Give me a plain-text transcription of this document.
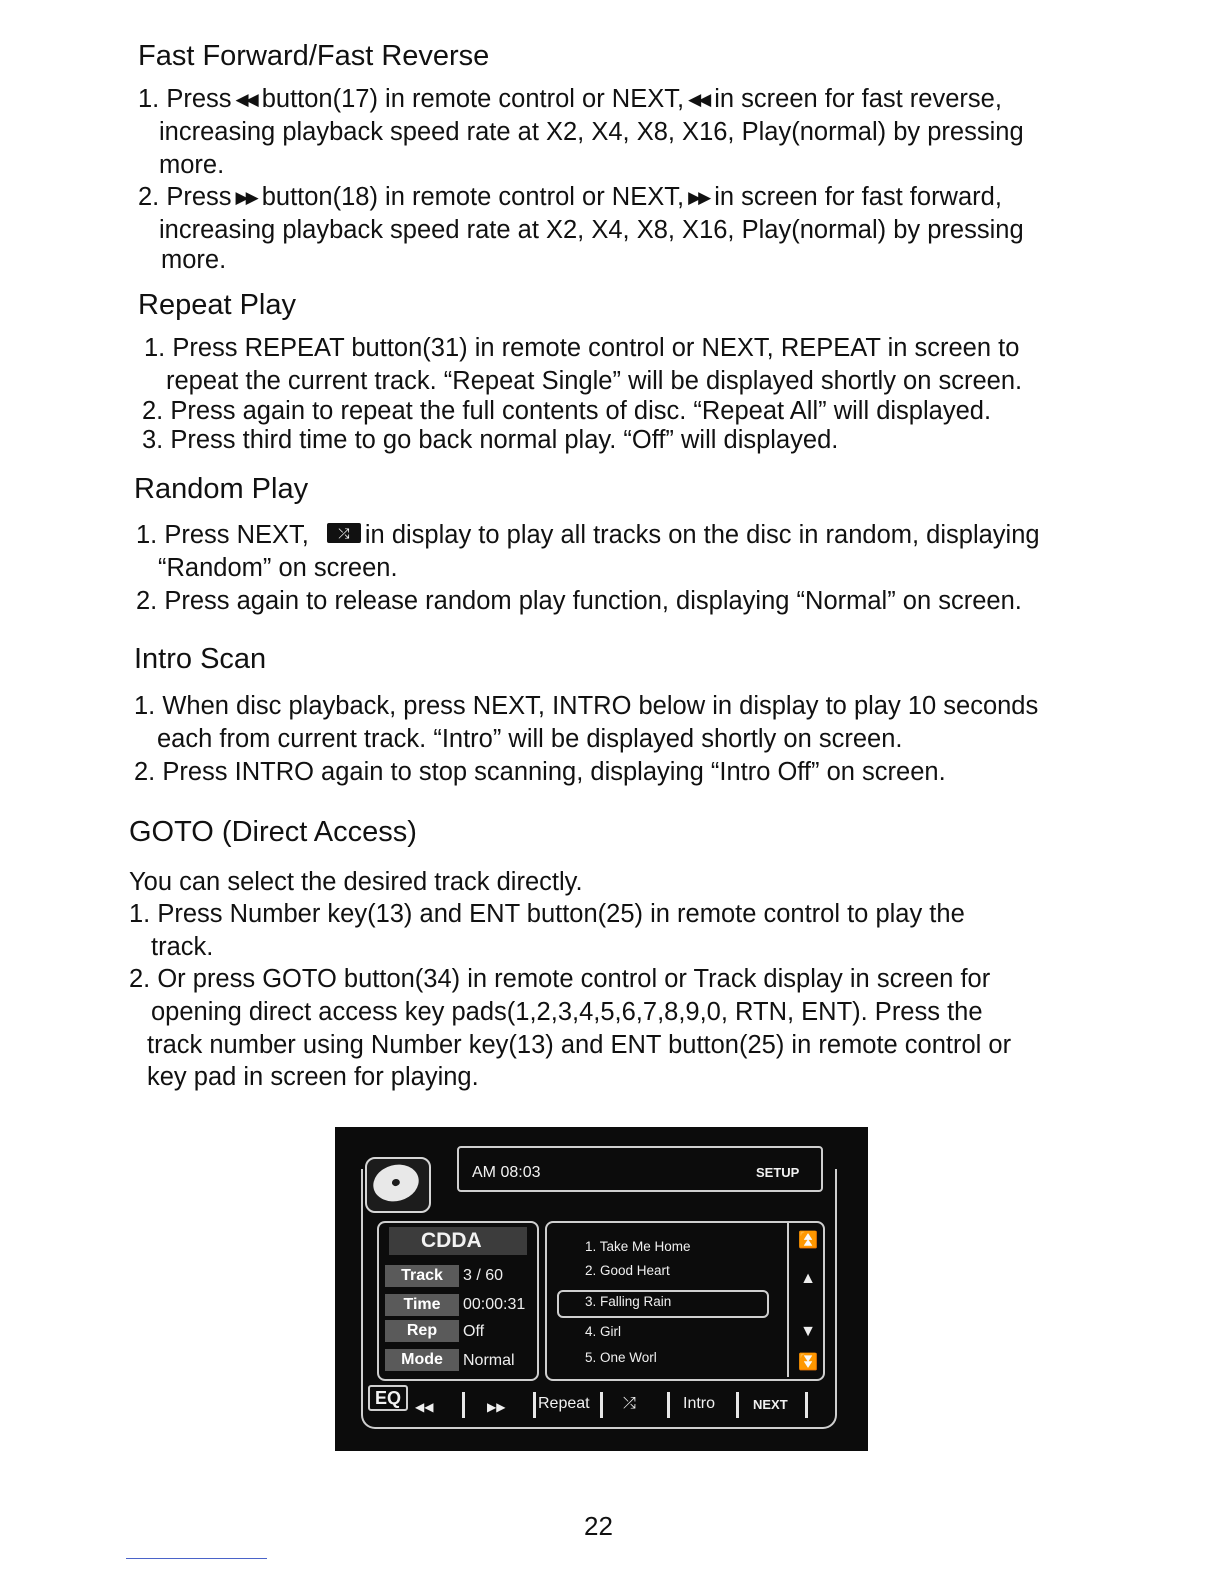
Fast Forward/Fast Reverse
1. Press ◀◀ button(17) in remote control or NEXT, ◀◀ in screen for fast reverse,
increasing playback speed rate at X2, X4, X8, X16, Play(normal) by pressing
more.
2. Press ▶▶ button(18) in remote control or NEXT, ▶▶ in screen for fast forward,
increasing playback speed rate at X2, X4, X8, X16, Play(normal) by pressing
more.
Repeat Play
1. Press REPEAT button(31) in remote control or NEXT, REPEAT in screen to
repeat the current track. “Repeat Single” will be displayed shortly on screen.
2. Press again to repeat the full contents of disc. “Repeat All” will displayed.
3. Press third time to go back normal play. “Off” will displayed.
Random Play
1. Press NEXT, ⤮ in display to play all tracks on the disc in random, displaying
“Random” on screen.
2. Press again to release random play function, displaying “Normal” on screen.
Intro Scan
1. When disc playback, press NEXT, INTRO below in display to play 10 seconds
each from current track. “Intro” will be displayed shortly on screen.
2. Press INTRO again to stop scanning, displaying “Intro Off” on screen.
GOTO (Direct Access)
You can select the desired track directly.
1. Press Number key(13) and ENT button(25) in remote control to play the
track.
2. Or press GOTO button(34) in remote control or Track display in screen for
opening direct access key pads(1,2,3,4,5,6,7,8,9,0, RTN, ENT). Press the
track number using Number key(13) and ENT button(25) in remote control or
key pad in screen for playing.
AM 08:03	SETUP
CDDA
Track	3 / 60
Time	00:00:31
Rep	Off
Mode	Normal
1. Take Me Home
2. Good Heart
3. Falling Rain
4. Girl
5. One Worl
⏫
▲
▼
⏬
EQ	◀◀	▶▶ Repeat ⤮	Intro	NEXT
22
